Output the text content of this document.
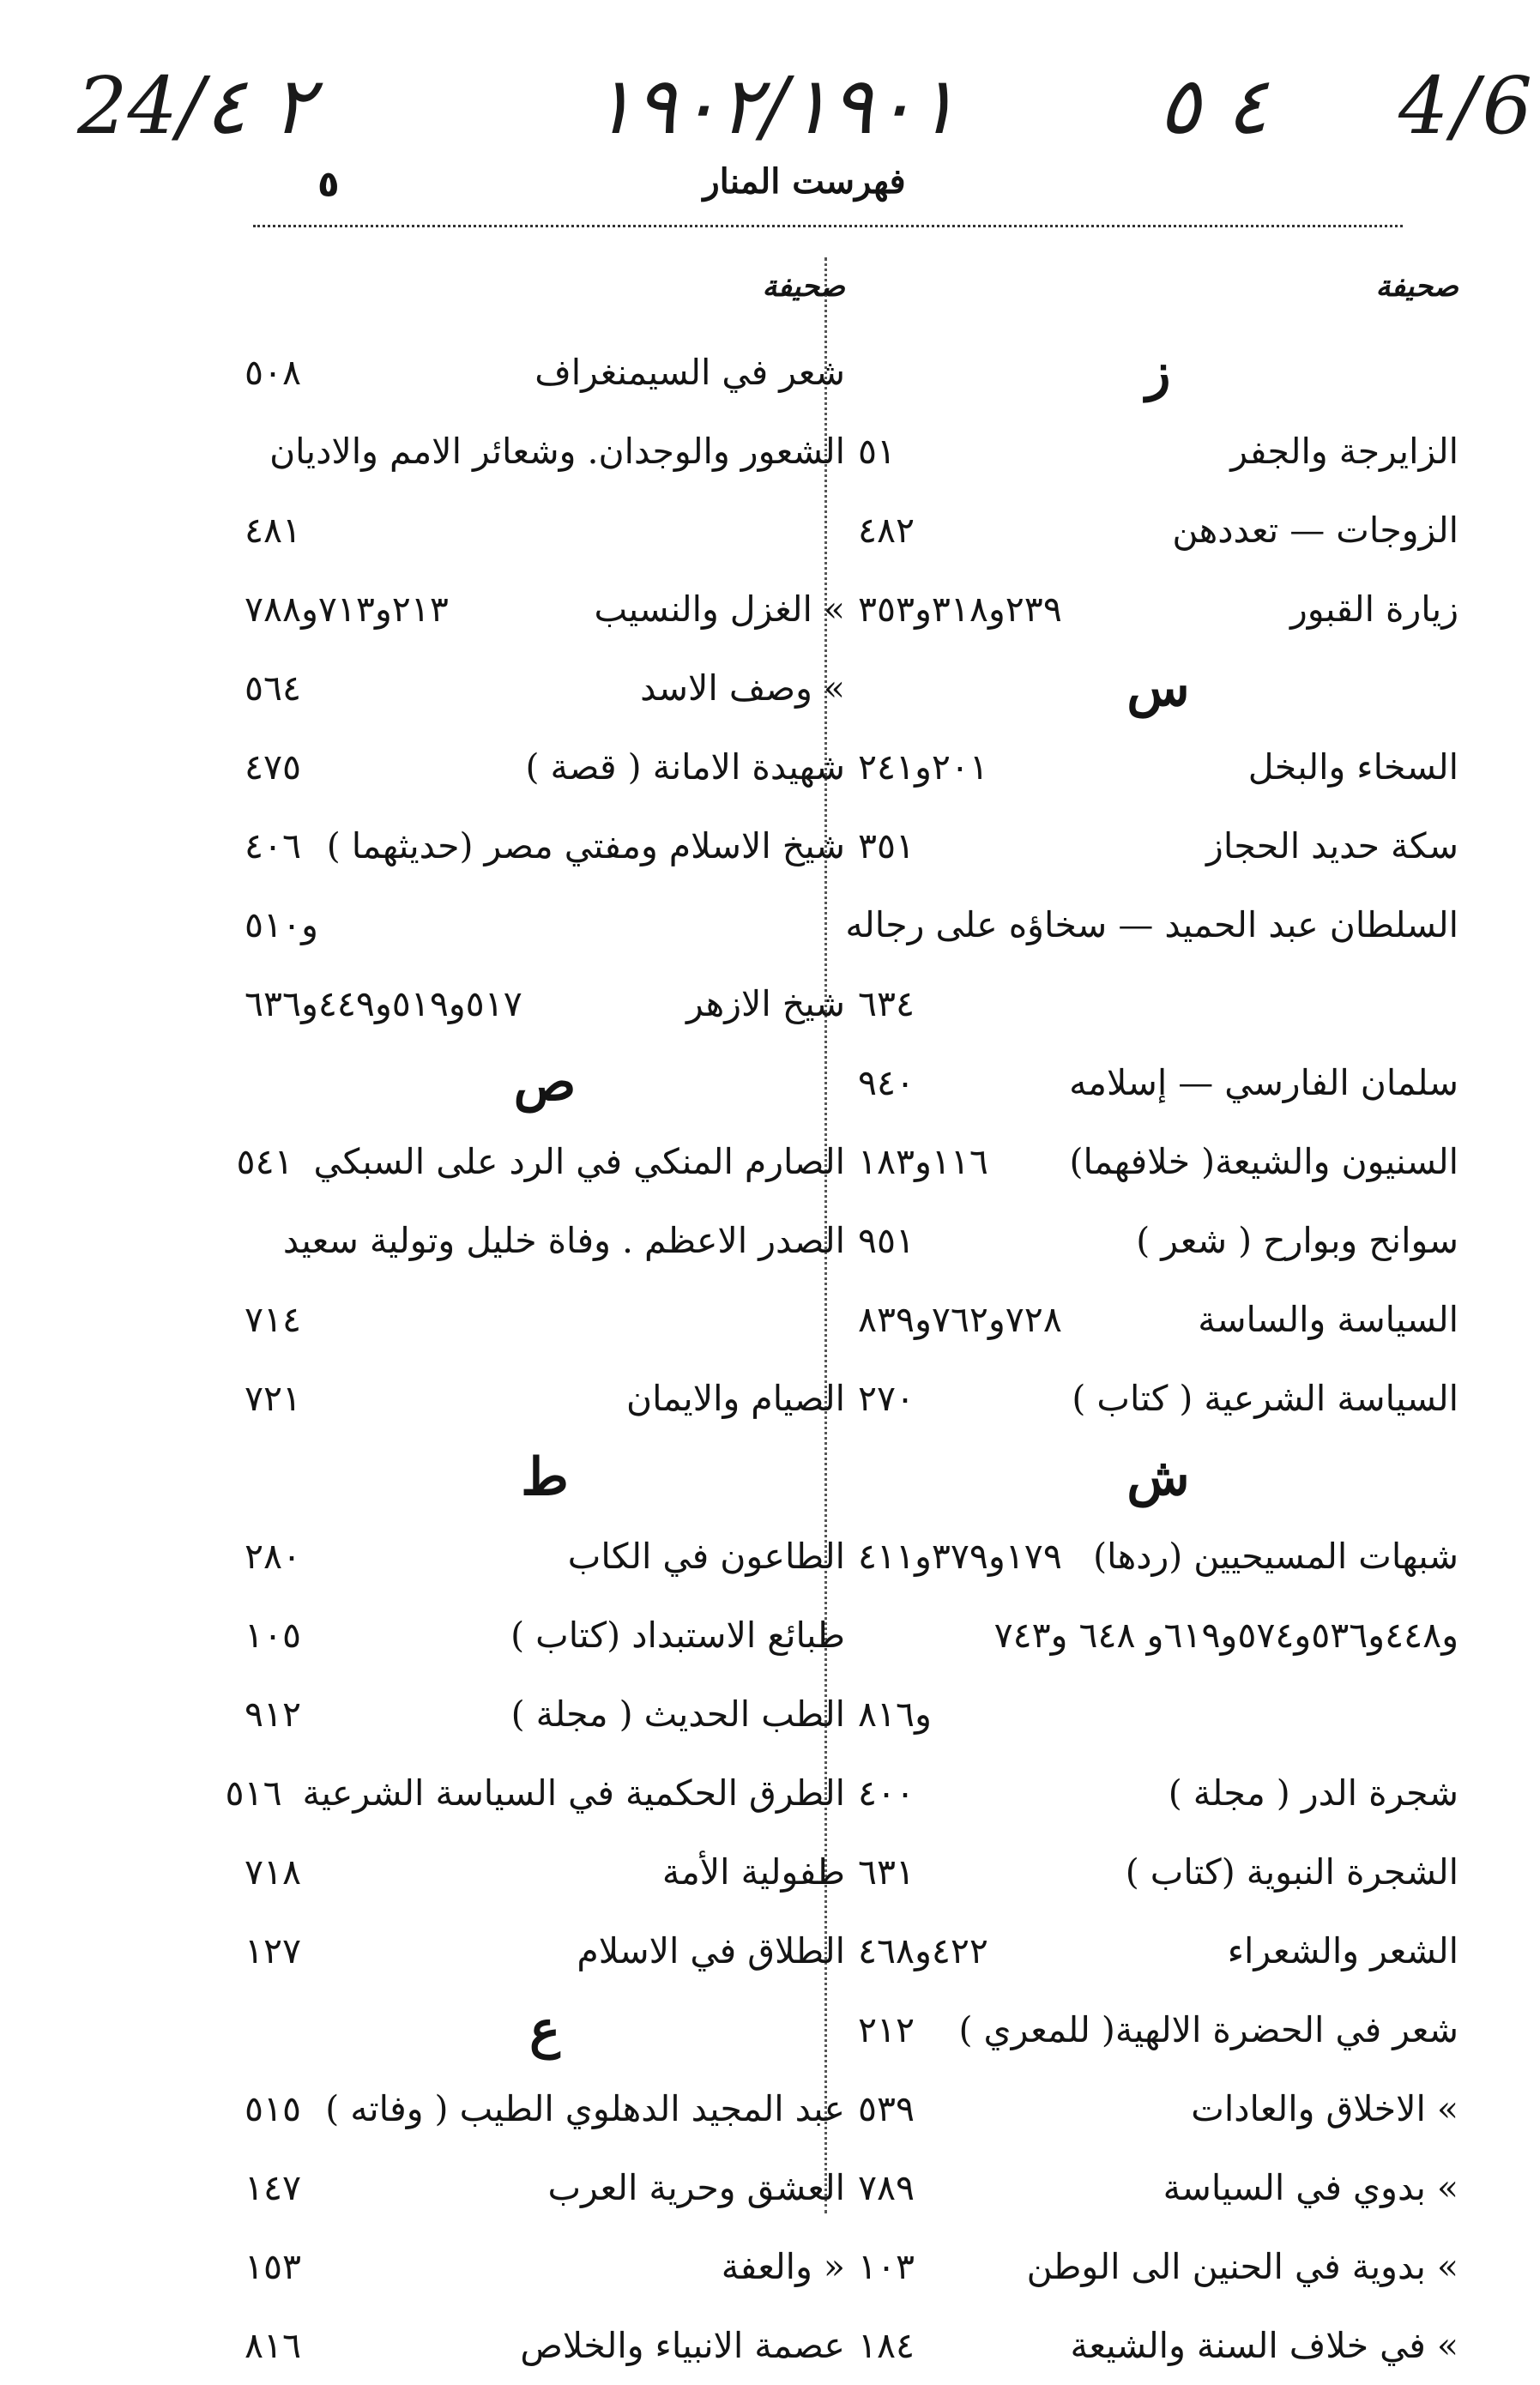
24/٢ ٤	١٩٠٢/١٩٠١	٤ ٥ 4/6
فهرست المنار
٥
صحيفة
ز
الزايرجة والجفر
٥١
الزوجات — تعددهن
٤٨٢
زيارة القبور
٢٣٩و٣١٨و٣٥٣
س
السخاء والبخل
٢٠١و٢٤١
سكة حديد الحجاز
٣٥١
السلطان عبد الحميد — سخاؤه على رجاله
٦٣٤
سلمان الفارسي — إسلامه
٩٤٠
السنيون والشيعة( خلافهما)
١١٦و١٨٣
سوانح وبوارح ( شعر )
٩٥١
السياسة والساسة
٧٢٨و٧٦٢و٨٣٩
السياسة الشرعية ( كتاب )
٢٧٠
ش
شبهات المسيحيين (ردها)
١٧٩و٣٧٩و٤١١
و٤٤٨و٥٣٦و٥٧٤و٦١٩و ٦٤٨ و٧٤٣
و٨١٦
شجرة الدر ( مجلة )
٤٠٠
الشجرة النبوية (كتاب )
٦٣١
الشعر والشعراء
٤٢٢و٤٦٨
شعر في الحضرة الالهية( للمعري )
٢١٢
» الاخلاق والعادات
٥٣٩
» بدوي في السياسة
٧٨٩
» بدوية في الحنين الى الوطن
١٠٣
» في خلاف السنة والشيعة
١٨٤
صحيفة
شعر في السيمنغراف
٥٠٨
الشعور والوجدان. وشعائر الامم والاديان
٤٨١
» الغزل والنسيب
٢١٣و٧١٣و٧٨٨
» وصف الاسد
٥٦٤
شهيدة الامانة ( قصة )
٤٧٥
شيخ الاسلام ومفتي مصر (حديثهما )
٤٠٦
و٥١٠
شيخ الازهر
٥١٧و٥١٩و٤٤٩و٦٣٦
ص
الصارم المنكي في الرد على السبكي
٥٤١
الصدر الاعظم . وفاة خليل وتولية سعيد
٧١٤
الصيام والايمان
٧٢١
ط
الطاعون في الكاب
٢٨٠
طبائع الاستبداد (كتاب )
١٠٥
الطب الحديث ( مجلة )
٩١٢
الطرق الحكمية في السياسة الشرعية
٥١٦
طفولية الأمة
٧١٨
الطلاق في الاسلام
١٢٧
ع
عبد المجيد الدهلوي الطيب ( وفاته )
٥١٥
العشق وحرية العرب
١٤٧
« والعفة
١٥٣
عصمة الانبياء والخلاص
٨١٦
